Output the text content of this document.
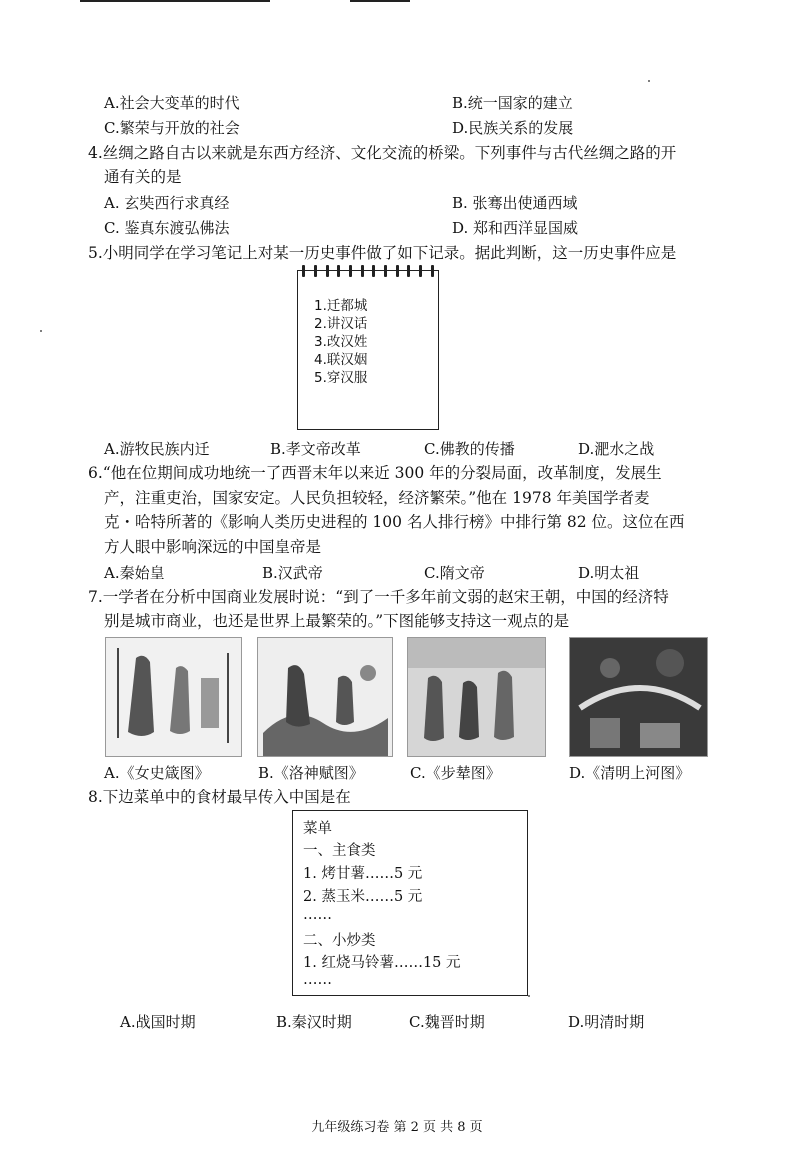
A.社会大变革的时代	B.统一国家的建立
C.繁荣与开放的社会	D.民族关系的发展
4.丝绸之路自古以来就是东西方经济、文化交流的桥梁。下列事件与古代丝绸之路的开
通有关的是
A. 玄奘西行求真经	B. 张骞出使通西域
C. 鉴真东渡弘佛法	D. 郑和西洋显国威
5.小明同学在学习笔记上对某一历史事件做了如下记录。据此判断，这一历史事件应是
1.迁都城
2.讲汉话
3.改汉姓
4.联汉姻
5.穿汉服
A.游牧民族内迁	B.孝文帝改革	C.佛教的传播	D.淝水之战
6.“他在位期间成功地统一了西晋末年以来近 300 年的分裂局面，改革制度，发展生
产，注重吏治，国家安定。人民负担较轻，经济繁荣。”他在 1978 年美国学者麦
克・哈特所著的《影响人类历史进程的 100 名人排行榜》中排行第 82 位。这位在西
方人眼中影响深远的中国皇帝是
A.秦始皇	B.汉武帝	C.隋文帝	D.明太祖
7.一学者在分析中国商业发展时说：“到了一千多年前文弱的赵宋王朝，中国的经济特
别是城市商业，也还是世界上最繁荣的。”下图能够支持这一观点的是
A.《女史箴图》	B.《洛神赋图》	C.《步辇图》	D.《清明上河图》
8.下边菜单中的食材最早传入中国是在
菜单
一、主食类
1. 烤甘薯……5 元
2. 蒸玉米……5 元
……
二、小炒类
1. 红烧马铃薯……15 元
……
A.战国时期	B.秦汉时期	C.魏晋时期	D.明清时期
九年级练习卷 第 2 页 共 8 页
